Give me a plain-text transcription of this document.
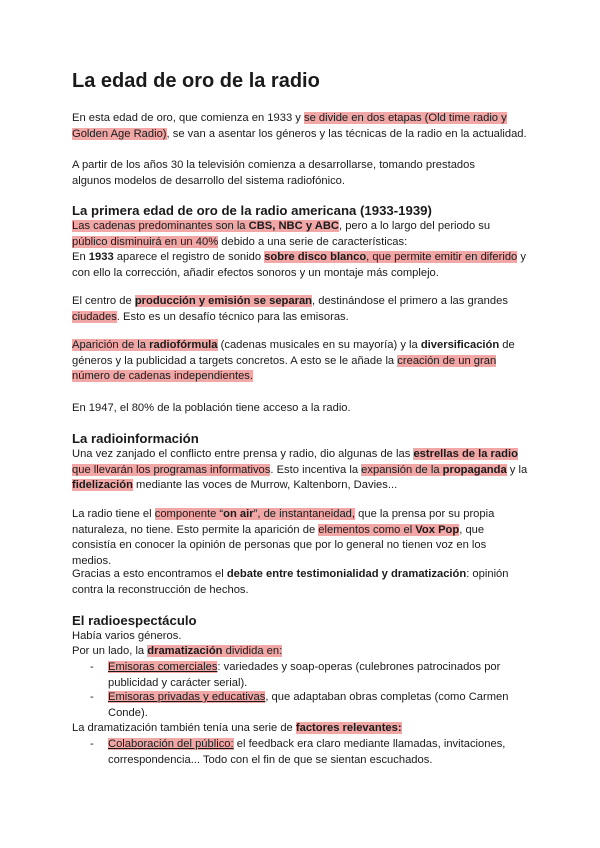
La edad de oro de la radio

En esta edad de oro, que comienza en 1933 y se divide en dos etapas (Old time radio y Golden Age Radio), se van a asentar los géneros y las técnicas de la radio en la actualidad.

A partir de los años 30 la televisión comienza a desarrollarse, tomando prestados algunos modelos de desarrollo del sistema radiofónico.

La primera edad de oro de la radio americana (1933-1939)

Las cadenas predominantes son la CBS, NBC y ABC, pero a lo largo del periodo su público disminuirá en un 40% debido a una serie de características:
En 1933 aparece el registro de sonido sobre disco blanco, que permite emitir en diferido y con ello la corrección, añadir efectos sonoros y un montaje más complejo.

El centro de producción y emisión se separan, destinándose el primero a las grandes ciudades. Esto es un desafío técnico para las emisoras.

Aparición de la radiofórmula (cadenas musicales en su mayoría) y la diversificación de géneros y la publicidad a targets concretos. A esto se le añade la creación de un gran número de cadenas independientes.

En 1947, el 80% de la población tiene acceso a la radio.

La radioinformación

Una vez zanjado el conflicto entre prensa y radio, dio algunas de las estrellas de la radio que llevarán los programas informativos. Esto incentiva la expansión de la propaganda y la fidelización mediante las voces de Murrow, Kaltenborn, Davies...

La radio tiene el componente “on air”, de instantaneidad, que la prensa por su propia naturaleza, no tiene. Esto permite la aparición de elementos como el Vox Pop, que consistía en conocer la opinión de personas que por lo general no tienen voz en los medios.

Gracias a esto encontramos el debate entre testimonialidad y dramatización: opinión contra la reconstrucción de hechos.

El radioespectáculo

Había varios géneros.

Por un lado, la dramatización dividida en:

- Emisoras comerciales: variedades y soap-operas (culebrones patrocinados por publicidad y carácter serial).

- Emisoras privadas y educativas, que adaptaban obras completas (como Carmen Conde).

La dramatización también tenía una serie de factores relevantes:

- Colaboración del público: el feedback era claro mediante llamadas, invitaciones, correspondencia... Todo con el fin de que se sientan escuchados.
